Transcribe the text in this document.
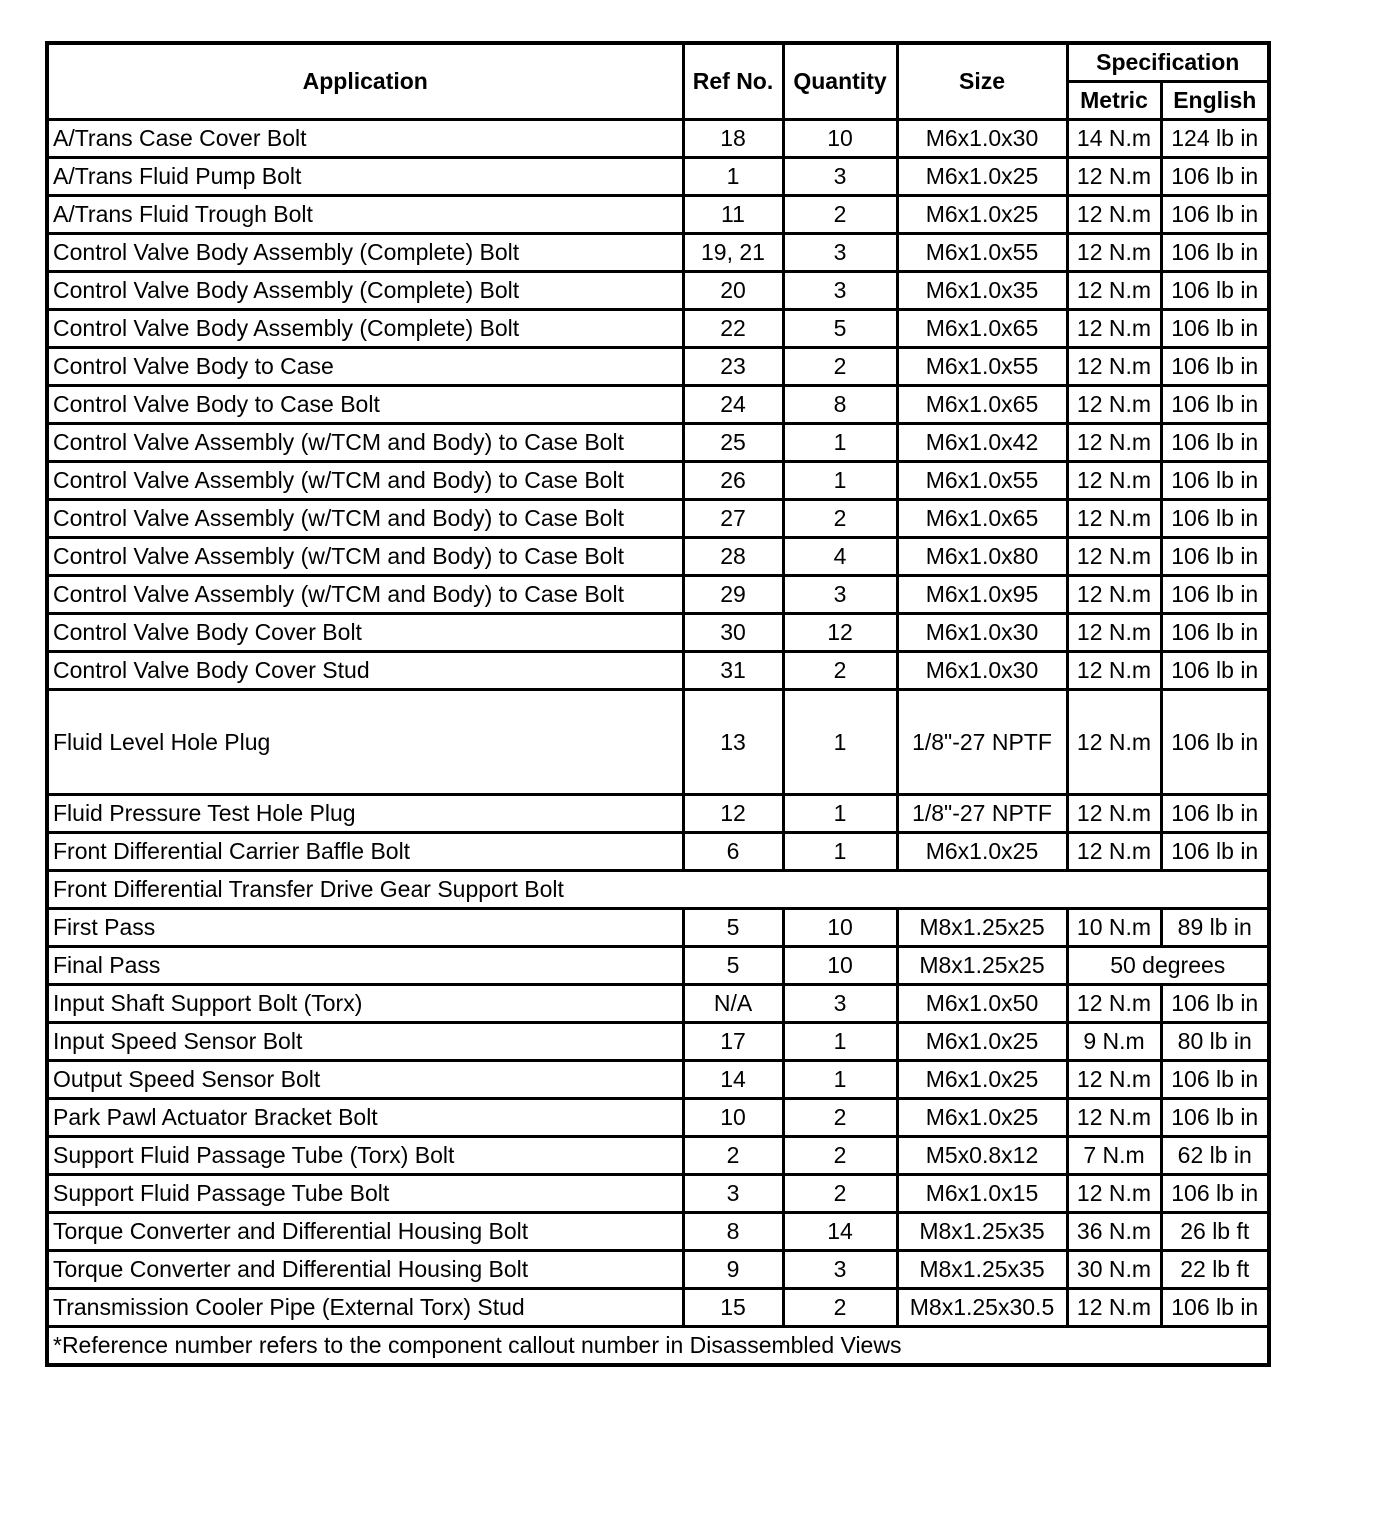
Application	Ref No.	Quantity	Size	Specification	
				Metric	English
A/Trans Case Cover Bolt	18	10	M6x1.0x30	14 N.m	124 lb in
A/Trans Fluid Pump Bolt	1	3	M6x1.0x25	12 N.m	106 lb in
A/Trans Fluid Trough Bolt	11	2	M6x1.0x25	12 N.m	106 lb in
Control Valve Body Assembly (Complete) Bolt	19, 21	3	M6x1.0x55	12 N.m	106 lb in
Control Valve Body Assembly (Complete) Bolt	20	3	M6x1.0x35	12 N.m	106 lb in
Control Valve Body Assembly (Complete) Bolt	22	5	M6x1.0x65	12 N.m	106 lb in
Control Valve Body to Case	23	2	M6x1.0x55	12 N.m	106 lb in
Control Valve Body to Case Bolt	24	8	M6x1.0x65	12 N.m	106 lb in
Control Valve Assembly (w/TCM and Body) to Case Bolt	25	1	M6x1.0x42	12 N.m	106 lb in
Control Valve Assembly (w/TCM and Body) to Case Bolt	26	1	M6x1.0x55	12 N.m	106 lb in
Control Valve Assembly (w/TCM and Body) to Case Bolt	27	2	M6x1.0x65	12 N.m	106 lb in
Control Valve Assembly (w/TCM and Body) to Case Bolt	28	4	M6x1.0x80	12 N.m	106 lb in
Control Valve Assembly (w/TCM and Body) to Case Bolt	29	3	M6x1.0x95	12 N.m	106 lb in
Control Valve Body Cover Bolt	30	12	M6x1.0x30	12 N.m	106 lb in
Control Valve Body Cover Stud	31	2	M6x1.0x30	12 N.m	106 lb in
Fluid Level Hole Plug	13	1	1/8"-27 NPTF	12 N.m	106 lb in
Fluid Pressure Test Hole Plug	12	1	1/8"-27 NPTF	12 N.m	106 lb in
Front Differential Carrier Baffle Bolt	6	1	M6x1.0x25	12 N.m	106 lb in
Front Differential Transfer Drive Gear Support Bolt					
First Pass	5	10	M8x1.25x25	10 N.m	89 lb in
Final Pass	5	10	M8x1.25x25	50 degrees	
Input Shaft Support Bolt (Torx)	N/A	3	M6x1.0x50	12 N.m	106 lb in
Input Speed Sensor Bolt	17	1	M6x1.0x25	9 N.m	80 lb in
Output Speed Sensor Bolt	14	1	M6x1.0x25	12 N.m	106 lb in
Park Pawl Actuator Bracket Bolt	10	2	M6x1.0x25	12 N.m	106 lb in
Support Fluid Passage Tube (Torx) Bolt	2	2	M5x0.8x12	7 N.m	62 lb in
Support Fluid Passage Tube Bolt	3	2	M6x1.0x15	12 N.m	106 lb in
Torque Converter and Differential Housing Bolt	8	14	M8x1.25x35	36 N.m	26 lb ft
Torque Converter and Differential Housing Bolt	9	3	M8x1.25x35	30 N.m	22 lb ft
Transmission Cooler Pipe (External Torx) Stud	15	2	M8x1.25x30.5	12 N.m	106 lb in
*Reference number refers to the component callout number in Disassembled Views					
